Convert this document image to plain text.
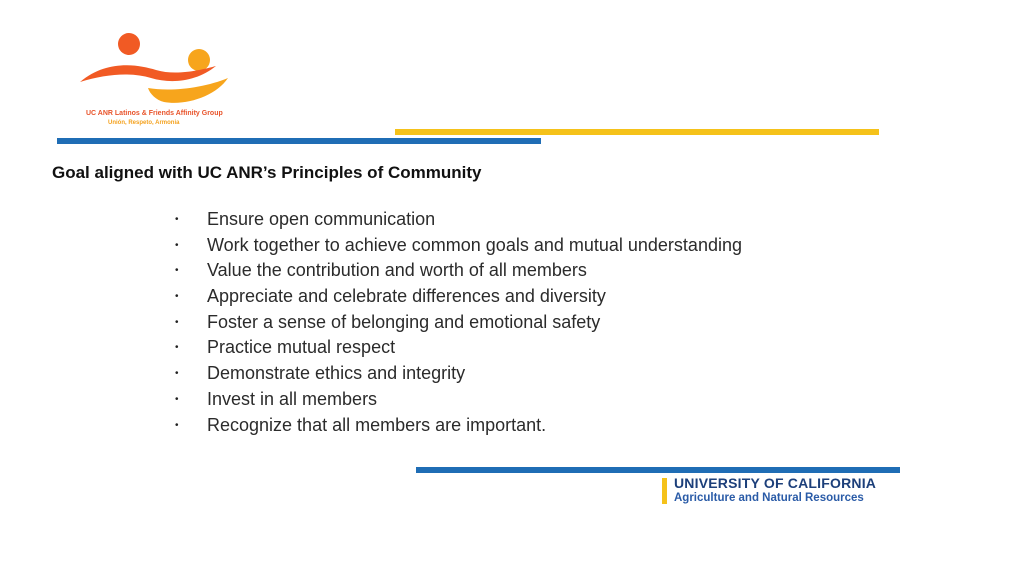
UC ANR Latinos & Friends Affinity Group
Unión, Respeto, Armonia
Goal aligned with UC ANR’s Principles of Community
• Ensure open communication
• Work together to achieve common goals and mutual understanding
• Value the contribution and worth of all members
• Appreciate and celebrate differences and diversity
• Foster a sense of belonging and emotional safety
• Practice mutual respect
• Demonstrate ethics and integrity
• Invest in all members
• Recognize that all members are important.
UNIVERSITY OF CALIFORNIA
Agriculture and Natural Resources
